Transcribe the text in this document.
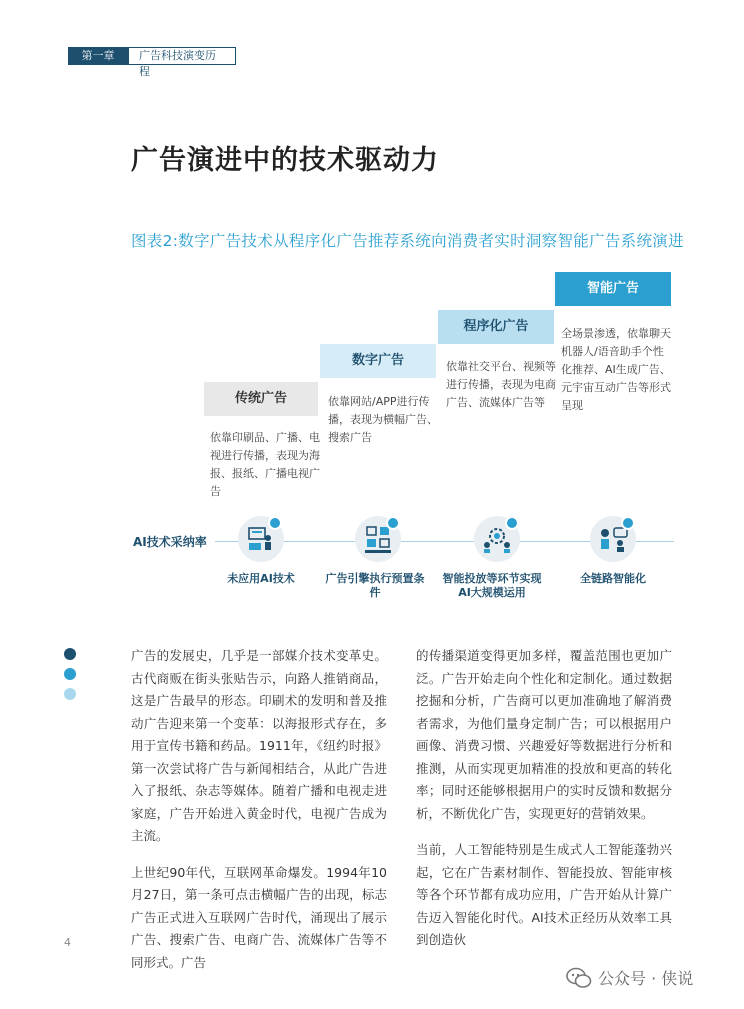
第一章	广告科技演变历程
广告演进中的技术驱动力
图表2:数字广告技术从程序化广告推荐系统向消费者实时洞察智能广告系统演进
传统广告
依靠印刷品、广播、电视进行传播，表现为海报、报纸、广播电视广告
数字广告
依靠网站/APP进行传播，表现为横幅广告、搜索广告
程序化广告
依靠社交平台、视频等进行传播，表现为电商广告、流媒体广告等
智能广告
全场景渗透，依靠聊天机器人/语音助手个性化推荐、AI生成广告、元宇宙互动广告等形式呈现
AI技术采纳率
未应用AI技术	广告引擎执行预置条件
智能投放等环节实现AI大规模运用
全链路智能化

广告的发展史，几乎是一部媒介技术变革史。古代商贩在街头张贴告示，向路人推销商品，这是广告最早的形态。印刷术的发明和普及推动广告迎来第一个变革：以海报形式存在，多用于宣传书籍和药品。1911年，《纽约时报》第一次尝试将广告与新闻相结合，从此广告进入了报纸、杂志等媒体。随着广播和电视走进家庭，广告开始进入黄金时代，电视广告成为主流。

上世纪90年代，互联网革命爆发。1994年10月27日，第一条可点击横幅广告的出现，标志广告正式进入互联网广告时代，涌现出了展示广告、搜索广告、电商广告、流媒体广告等不同形式。广告

的传播渠道变得更加多样，覆盖范围也更加广泛。广告开始走向个性化和定制化。通过数据挖掘和分析，广告商可以更加准确地了解消费者需求，为他们量身定制广告；可以根据用户画像、消费习惯、兴趣爱好等数据进行分析和推测，从而实现更加精准的投放和更高的转化率；同时还能够根据用户的实时反馈和数据分析，不断优化广告，实现更好的营销效果。

当前，人工智能特别是生成式人工智能蓬勃兴起，它在广告素材制作、智能投放、智能审核等各个环节都有成功应用，广告开始从计算广告迈入智能化时代。AI技术正经历从效率工具到创造伙

4
公众号 · 侠说
